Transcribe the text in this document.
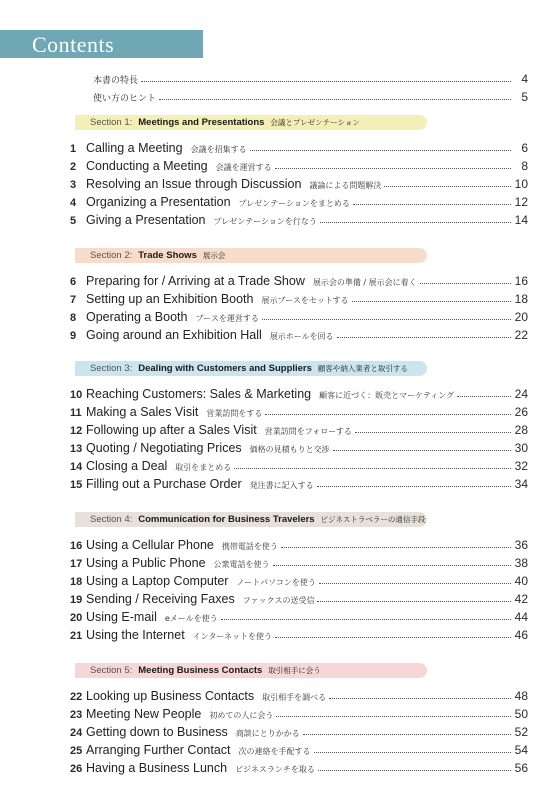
Contents
本書の特長	4
使い方のヒント	5
Section 1: Meetings and Presentations 会議とプレゼンテーション
1 Calling a Meeting 会議を招集する	6
2 Conducting a Meeting 会議を運営する	8
3 Resolving an Issue through Discussion 議論による問題解決	10
4 Organizing a Presentation プレゼンテーションをまとめる	12
5 Giving a Presentation プレゼンテーションを行なう	14
Section 2: Trade Shows 展示会
6 Preparing for / Arriving at a Trade Show 展示会の準備 / 展示会に着く	16
7 Setting up an Exhibition Booth 展示ブースをセットする	18
8 Operating a Booth ブースを運営する	20
9 Going around an Exhibition Hall 展示ホールを回る	22
Section 3: Dealing with Customers and Suppliers 顧客や納入業者と取引する
10 Reaching Customers: Sales & Marketing 顧客に近づく：販売とマーケティング	24
11 Making a Sales Visit 営業訪問をする	26
12 Following up after a Sales Visit 営業訪問をフォローする	28
13 Quoting / Negotiating Prices 価格の見積もりと交渉	30
14 Closing a Deal 取引をまとめる	32
15 Filling out a Purchase Order 発注書に記入する	34
Section 4: Communication for Business Travelers ビジネストラベラーの通信手段
16 Using a Cellular Phone 携帯電話を使う	36
17 Using a Public Phone 公衆電話を使う	38
18 Using a Laptop Computer ノートパソコンを使う	40
19 Sending / Receiving Faxes ファックスの送受信	42
20 Using E-mail eメールを使う	44
21 Using the Internet インターネットを使う	46
Section 5: Meeting Business Contacts 取引相手に会う
22 Looking up Business Contacts 取引相手を調べる	48
23 Meeting New People 初めての人に会う	50
24 Getting down to Business 商談にとりかかる	52
25 Arranging Further Contact 次の連絡を手配する	54
26 Having a Business Lunch ビジネスランチを取る	56
